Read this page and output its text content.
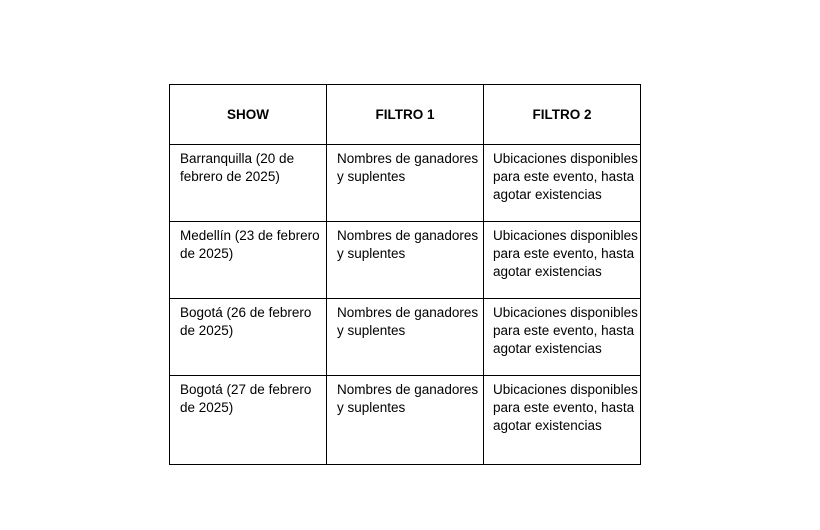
SHOW	FILTRO 1	FILTRO 2
Barranquilla (20 de febrero de 2025)	Nombres de ganadores y suplentes	Ubicaciones disponibles para este evento, hasta agotar existencias
Medellín (23 de febrero de 2025)	Nombres de ganadores y suplentes	Ubicaciones disponibles para este evento, hasta agotar existencias
Bogotá (26 de febrero de 2025)	Nombres de ganadores y suplentes	Ubicaciones disponibles para este evento, hasta agotar existencias
Bogotá (27 de febrero de 2025)	Nombres de ganadores y suplentes	Ubicaciones disponibles para este evento, hasta agotar existencias
